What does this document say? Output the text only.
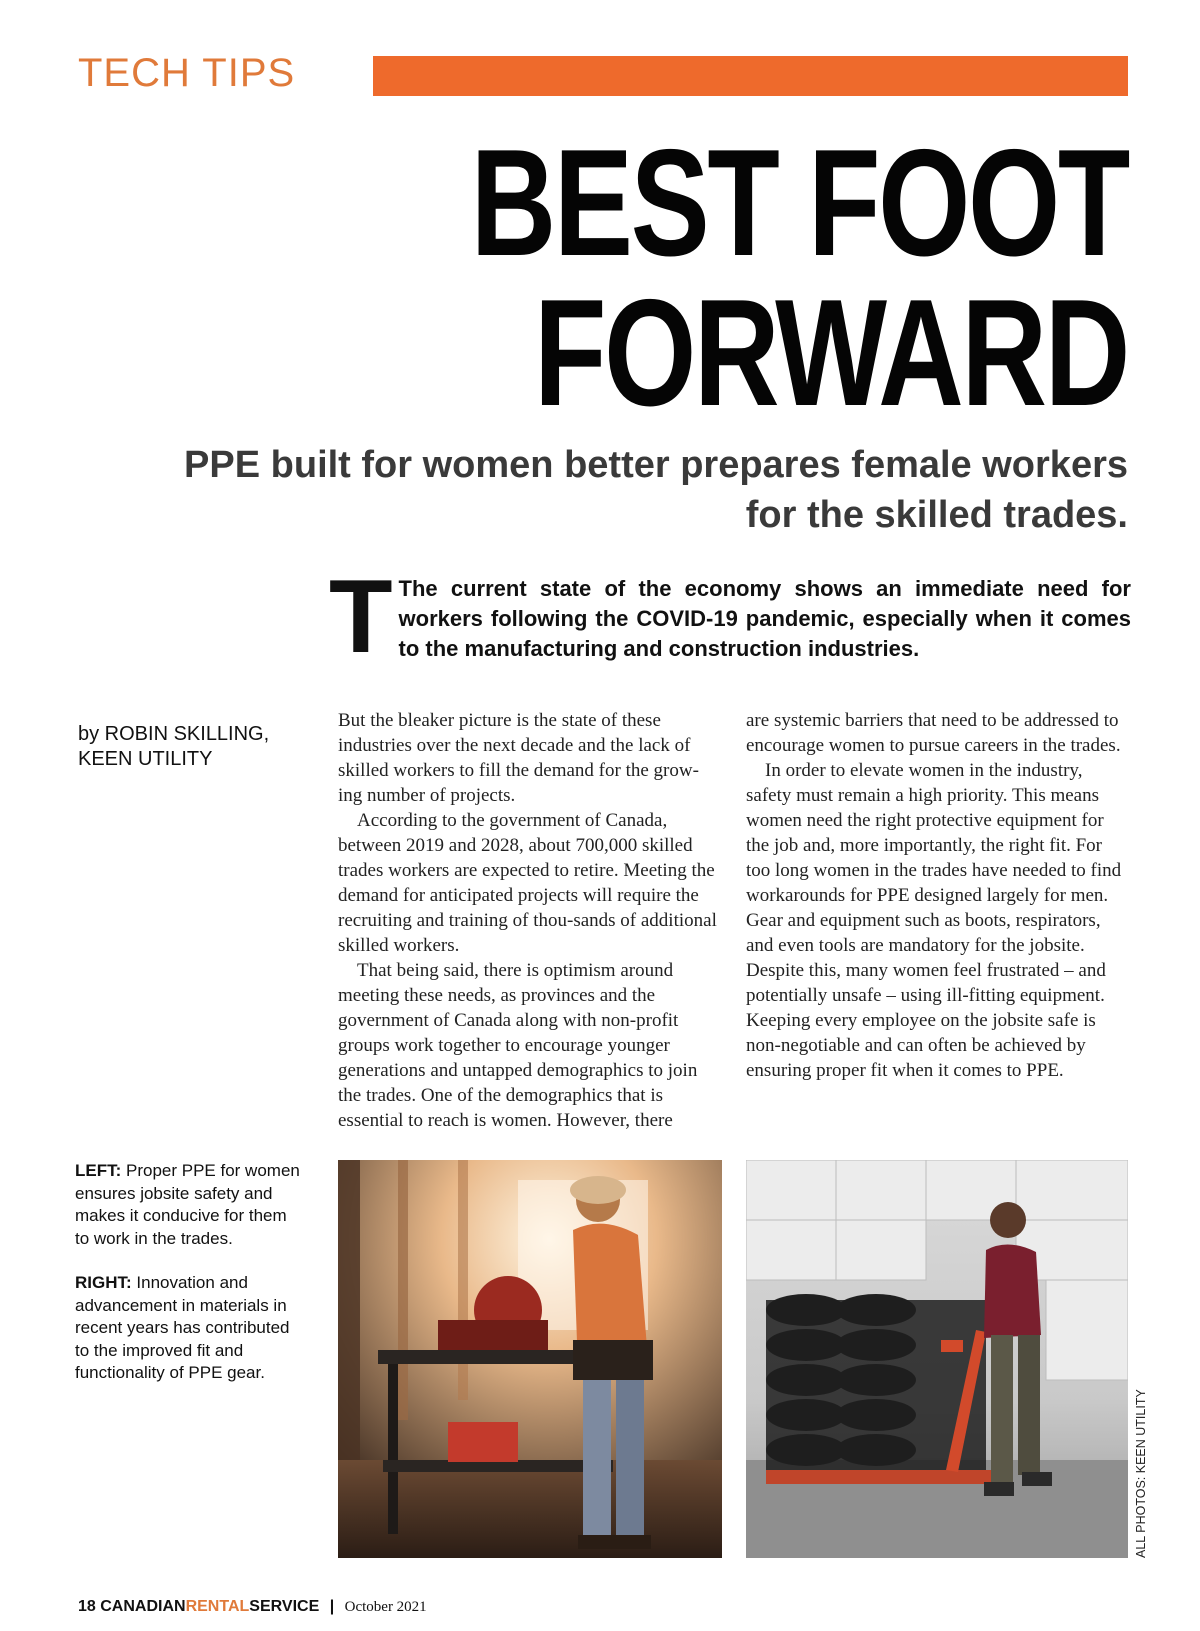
TECH TIPS
BEST FOOT
FORWARD
PPE built for women better prepares female workers
for the skilled trades.
T The current state of the economy shows an immediate need for workers following the COVID-19 pandemic, especially when it comes to the manufacturing and construction industries.
by ROBIN SKILLING,
KEEN UTILITY

But the bleaker picture is the state of these industries over the next decade and the lack of skilled workers to fill the demand for the grow-ing number of projects.

According to the government of Canada, between 2019 and 2028, about 700,000 skilled trades workers are expected to retire. Meeting the demand for anticipated projects will require the recruiting and training of thou-sands of additional skilled workers.

That being said, there is optimism around meeting these needs, as provinces and the government of Canada along with non-profit groups work together to encourage younger generations and untapped demographics to join the trades. One of the demographics that is essential to reach is women. However, there

are systemic barriers that need to be addressed to encourage women to pursue careers in the trades.

In order to elevate women in the industry, safety must remain a high priority. This means women need the right protective equipment for the job and, more importantly, the right fit. For too long women in the trades have needed to find workarounds for PPE designed largely for men. Gear and equipment such as boots, respirators, and even tools are mandatory for the jobsite. Despite this, many women feel frustrated – and potentially unsafe – using ill-fitting equipment. Keeping every employee on the jobsite safe is non-negotiable and can often be achieved by ensuring proper fit when it comes to PPE.

LEFT: Proper PPE for women ensures jobsite safety and makes it conducive for them to work in the trades.

RIGHT: Innovation and advancement in materials in recent years has contributed to the improved fit and functionality of PPE gear.

ALL PHOTOS: KEEN UTILITY
18 CANADIANRENTALSERVICE | October 2021
